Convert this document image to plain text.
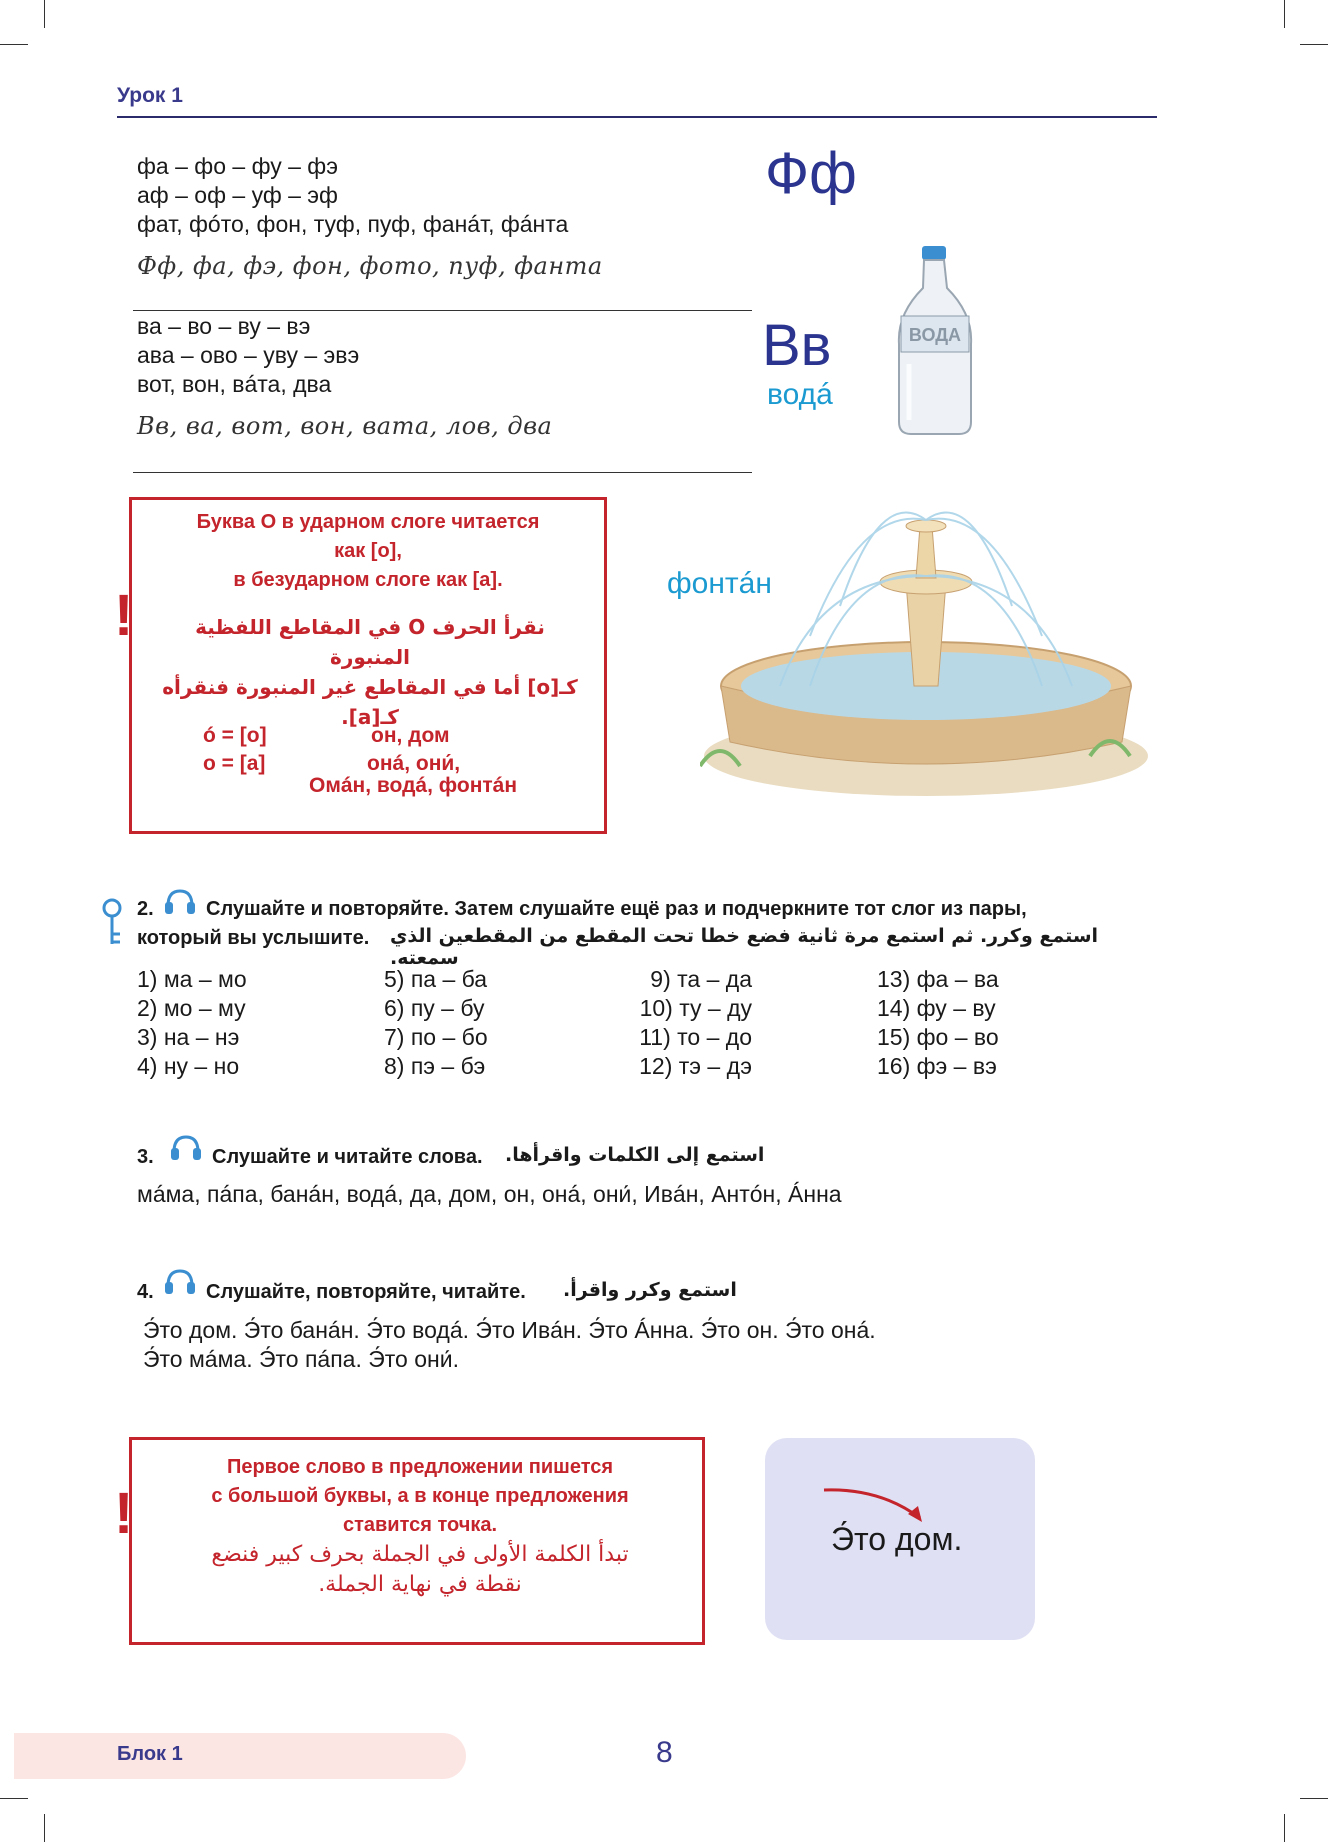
Урок 1
фа – фо – фу – фэ
аф – оф – уф – эф
фат, фóто, фон, туф, пуф, фанáт, фáнта
Фф, фа, фэ, фон, фото, пуф, фанта
Фф
ва – во – ву – вэ
ава – ово – уву – эвэ
вот, вон, вáта, два
Вв, ва, вот, вон, вата, лов, два
Вв
водá
ВОДА
фонтáн
!
Буква О в ударном слоге читается
как [о],
в безударном слоге как [а].
نقرأ الحرف O في المقاطع اللفظية المنبورة
كـ[o] أما في المقاطع غير المنبورة فنقرأه كـ[a].
ó = [о]
о = [а]
он, дом
онá, они́,
Омáн, водá, фонтáн
2.	Слушайте и повторяйте. Затем слушайте ещё раз и подчеркните тот слог из пары,
который вы услышите. استمع وكرر. ثم استمع مرة ثانية فضع خطا تحت المقطع من المقطعين الذي سمعته.
1) ма – мо
2) мо – му
3) на – нэ
4) ну – но
5) па – ба
6) пу – бу
7) по – бо
8) пэ – бэ
9) та – да
10) ту – ду
11) то – до
12) тэ – дэ
13) фа – ва
14) фу – ву
15) фо – во
16) фэ – вэ
3.	Слушайте и читайте слова. استمع إلى الكلمات واقرأها.
мáма, пáпа, банáн, водá, да, дом, он, онá, они́, Ивáн, Антóн, Áнна
4.	Слушайте, повторяйте, читайте. استمع وكرر واقرأ.
Э́то дом. Э́то банáн. Э́то водá. Э́то Ивáн. Э́то Áнна. Э́то он. Э́то онá.
Э́то мáма. Э́то пáпа. Э́то они́.
!
Первое слово в предложении пишется
с большой буквы, а в конце предложения
ставится точка.
تبدأ الكلمة الأولى في الجملة بحرف كبير فنضع
نقطة في نهاية الجملة.
Э́то дом.
Блок 1	8
